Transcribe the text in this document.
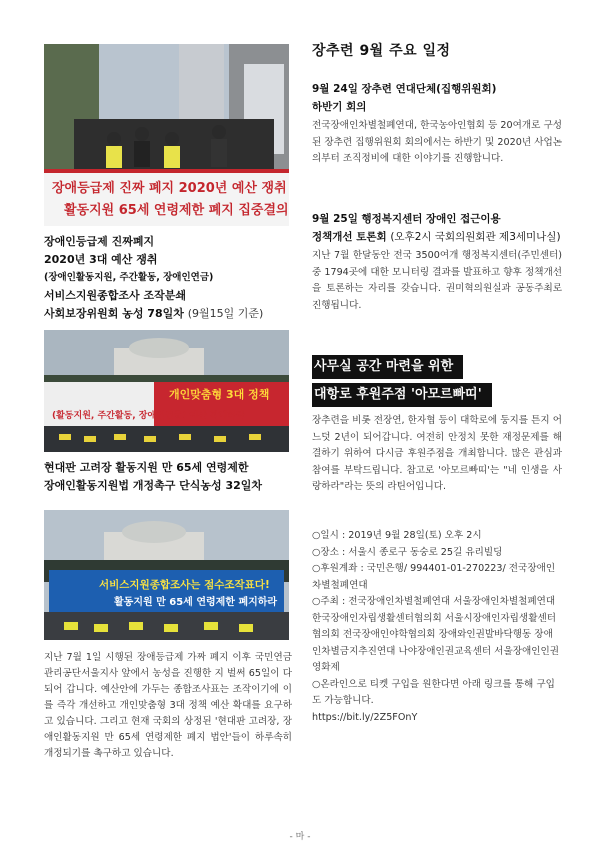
장애등급제 진짜 폐지 2020년 예산 쟁취
활동지원 65세 연령제한 폐지 집중결의
장애인등급제 진짜폐지
2020년 3대 예산 쟁취
(장애인활동지원, 주간활동, 장애인연금)
서비스지원종합조사 조작분쇄
사회보장위원회 농성 78일차 (9월15일 기준)
개인맞춤형 3대 정책
(활동지원, 주간활동, 장애인연금) 예산 확대하라
현대판 고려장 활동지원 만 65세 연령제한
장애인활동지원법 개정촉구 단식농성 32일차
서비스지원종합조사는 점수조작표다!
활동지원 만 65세 연령제한 폐지하라
지난 7월 1일 시행된 장애등급제 가짜 폐지 이후 국민연금관리공단서울지사 앞에서 농성을 진행한 지 벌써 65일이 다 되어 갑니다. 예산안에 가두는 종합조사표는 조작이기에 이를 즉각 개선하고 개인맞춤형 3대 정책 예산 확대를 요구하고 있습니다. 그리고 현재 국회의 상정된 '현대판 고려장, 장애인활동지원 만 65세 연령제한 폐지 법안'들이 하루속히 개정되기를 촉구하고 있습니다.
장추련 9월 주요 일정
9월 24일 장추련 연대단체(집행위원회)
하반기 회의
전국장애인차별철폐연대, 한국농아인협회 등 20여개로 구성된 장추련 집행위원회 회의에서는 하반기 및 2020년 사업논의부터 조직정비에 대한 이야기를 진행합니다.
9월 25일 행정복지센터 장애인 접근이용
정책개선 토론회 (오후2시 국회의원회관 제3세미나실)
지난 7월 한달동안 전국 3500여개 행정복지센터(주민센터) 중 1794곳에 대한 모니터링 결과를 발표하고 향후 정책개선을 토론하는 자리를 갖습니다. 권미혁의원실과 공동주최로 진행됩니다.
사무실 공간 마련을 위한
대항로 후원주점 '아모르빠띠'
장추련을 비롯 전장연, 한자협 등이 대학로에 둥지를 튼지 어느덧 2년이 되어갑니다. 여전히 안정치 못한 재정문제를 해결하기 위하여 다시금 후원주점을 개최합니다. 많은 관심과 참여를 부탁드립니다. 참고로 '아모르빠띠'는 "네 인생을 사랑하라"라는 뜻의 라틴어입니다.
○일시 : 2019년 9월 28일(토) 오후 2시
○장소 : 서울시 종로구 동숭로 25길 유리빌딩
○후원계좌 : 국민은행/ 994401-01-270223/ 전국장애인차별철폐연대
○주최 : 전국장애인차별철폐연대 서울장애인차별철폐연대 한국장애인자립생활센터협의회 서울시장애인자립생활센터협의회 전국장애인야학협의회 장애와인권발바닥행동 장애인차별금지추진연대 나야장애인권교육센터 서울장애인인권영화제
○온라인으로 티켓 구입을 원한다면 아래 링크를 통해 구입도 가능합니다.
https://bit.ly/2Z5FOnY
- 마 -
